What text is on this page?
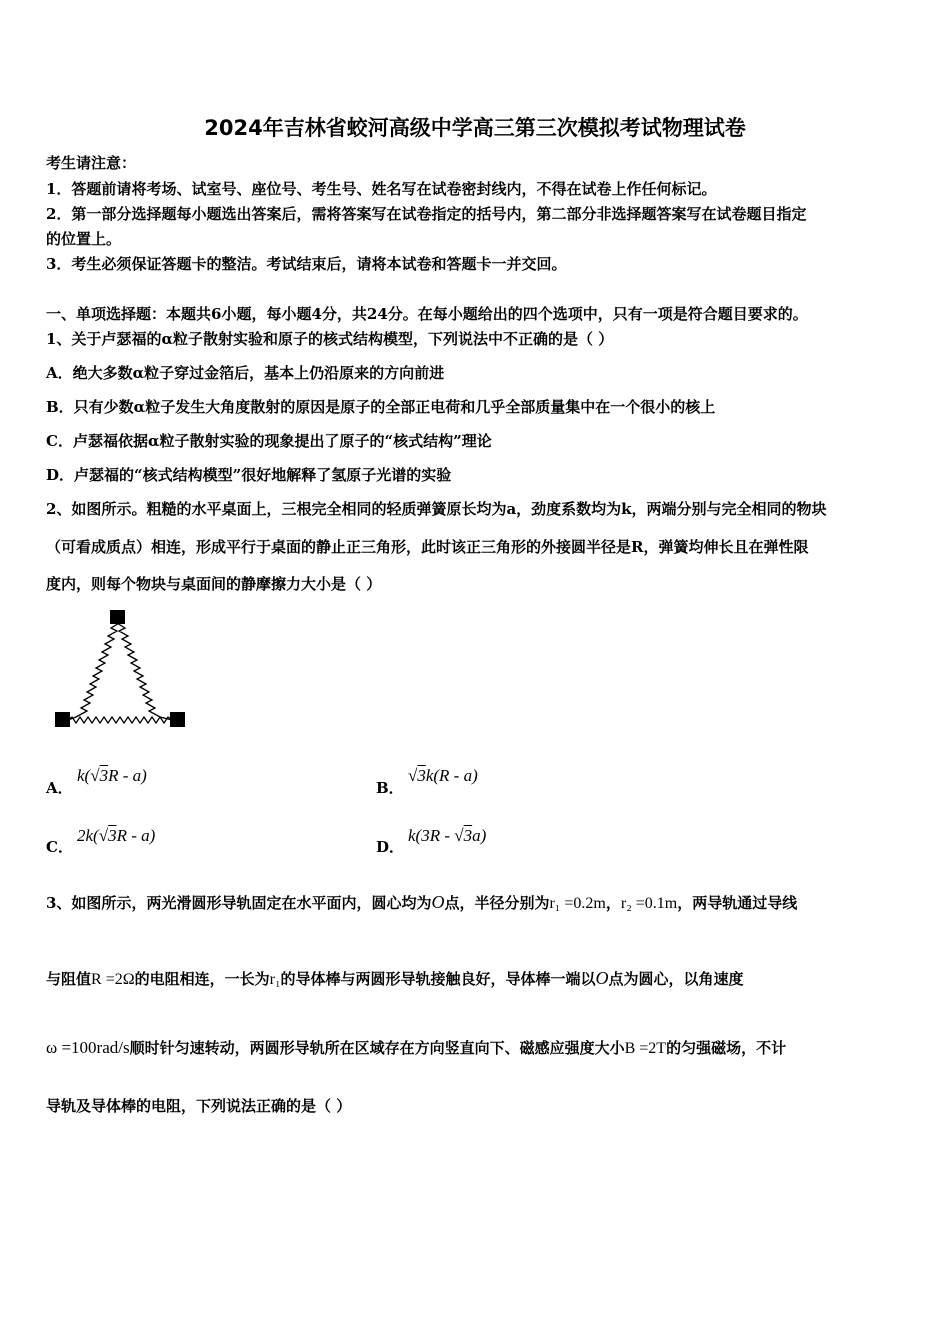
2024年吉林省蛟河高级中学高三第三次模拟考试物理试卷
考生请注意：
1．答题前请将考场、试室号、座位号、考生号、姓名写在试卷密封线内，不得在试卷上作任何标记。
2．第一部分选择题每小题选出答案后，需将答案写在试卷指定的括号内，第二部分非选择题答案写在试卷题目指定
的位置上。
3．考生必须保证答题卡的整洁。考试结束后，请将本试卷和答题卡一并交回。
一、单项选择题：本题共6小题，每小题4分，共24分。在每小题给出的四个选项中，只有一项是符合题目要求的。
1、关于卢瑟福的α粒子散射实验和原子的核式结构模型，下列说法中不正确的是（ ）
A．绝大多数α粒子穿过金箔后，基本上仍沿原来的方向前进
B．只有少数α粒子发生大角度散射的原因是原子的全部正电荷和几乎全部质量集中在一个很小的核上
C．卢瑟福依据α粒子散射实验的现象提出了原子的“核式结构”理论
D．卢瑟福的“核式结构模型”很好地解释了氢原子光谱的实验
2、如图所示。粗糙的水平桌面上，三根完全相同的轻质弹簧原长均为a，劲度系数均为k，两端分别与完全相同的物块
（可看成质点）相连，形成平行于桌面的静止正三角形，此时该正三角形的外接圆半径是R，弹簧均伸长且在弹性限
度内，则每个物块与桌面间的静摩擦力大小是（ ）
A．
k(√3R - a)
B．
√3k(R - a)
C．
2k(√3R - a)
D．
k(3R - √3a)
3、如图所示，两光滑圆形导轨固定在水平面内，圆心均为O点，半径分别为r₁ =0.2m，r₂ =0.1m，两导轨通过导线
与阻值R =2Ω的电阻相连，一长为r₁的导体棒与两圆形导轨接触良好，导体棒一端以O点为圆心，以角速度
ω =100rad/s顺时针匀速转动，两圆形导轨所在区域存在方向竖直向下、磁感应强度大小B =2T的匀强磁场，不计
导轨及导体棒的电阻，下列说法正确的是（ ）
